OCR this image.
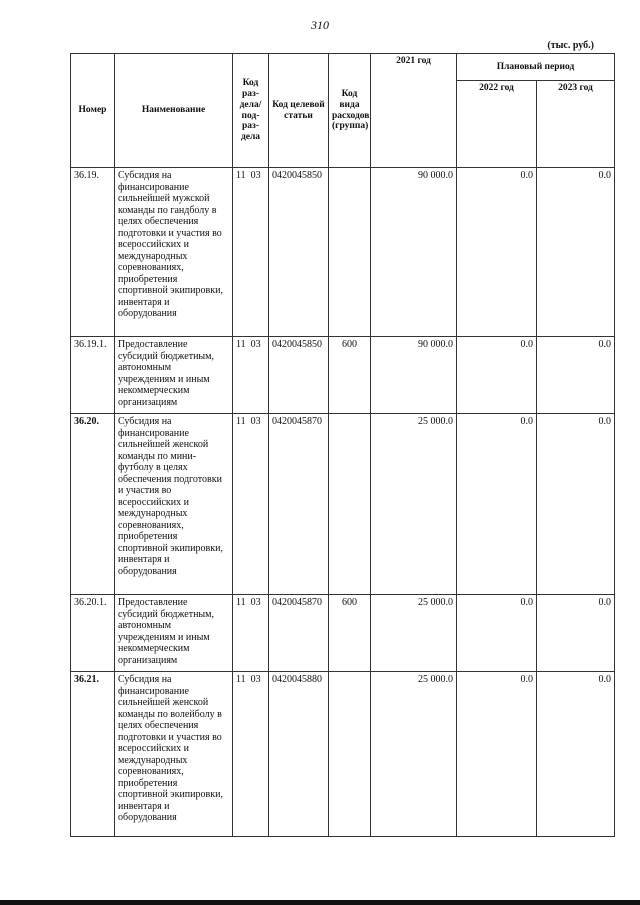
310
(тыс. руб.)
Номер	Наименование	Код раз- дела/ под- раз- дела	Код целевой статьи	Код вида расходов (группа)	2021 год	Плановый период	
						2022 год	2023 год
36.19.	Субсидия на финансирование сильнейшей мужской команды по гандболу в целях обеспечения подготовки и участия во всероссийских и международных соревнованиях, приобретения спортивной экипировки, инвентаря и оборудования	11 03	0420045850		90 000.0	0.0	0.0
36.19.1.	Предоставление субсидий бюджетным, автономным учреждениям и иным некоммерческим организациям	11 03	0420045850	600	90 000.0	0.0	0.0
36.20.	Субсидия на финансирование сильнейшей женской команды по мини-футболу в целях обеспечения подготовки и участия во всероссийских и международных соревнованиях, приобретения спортивной экипировки, инвентаря и оборудования	11 03	0420045870		25 000.0	0.0	0.0
36.20.1.	Предоставление субсидий бюджетным, автономным учреждениям и иным некоммерческим организациям	11 03	0420045870	600	25 000.0	0.0	0.0
36.21.	Субсидия на финансирование сильнейшей женской команды по волейболу в целях обеспечения подготовки и участия во всероссийских и международных соревнованиях, приобретения спортивной экипировки, инвентаря и оборудования	11 03	0420045880		25 000.0	0.0	0.0
